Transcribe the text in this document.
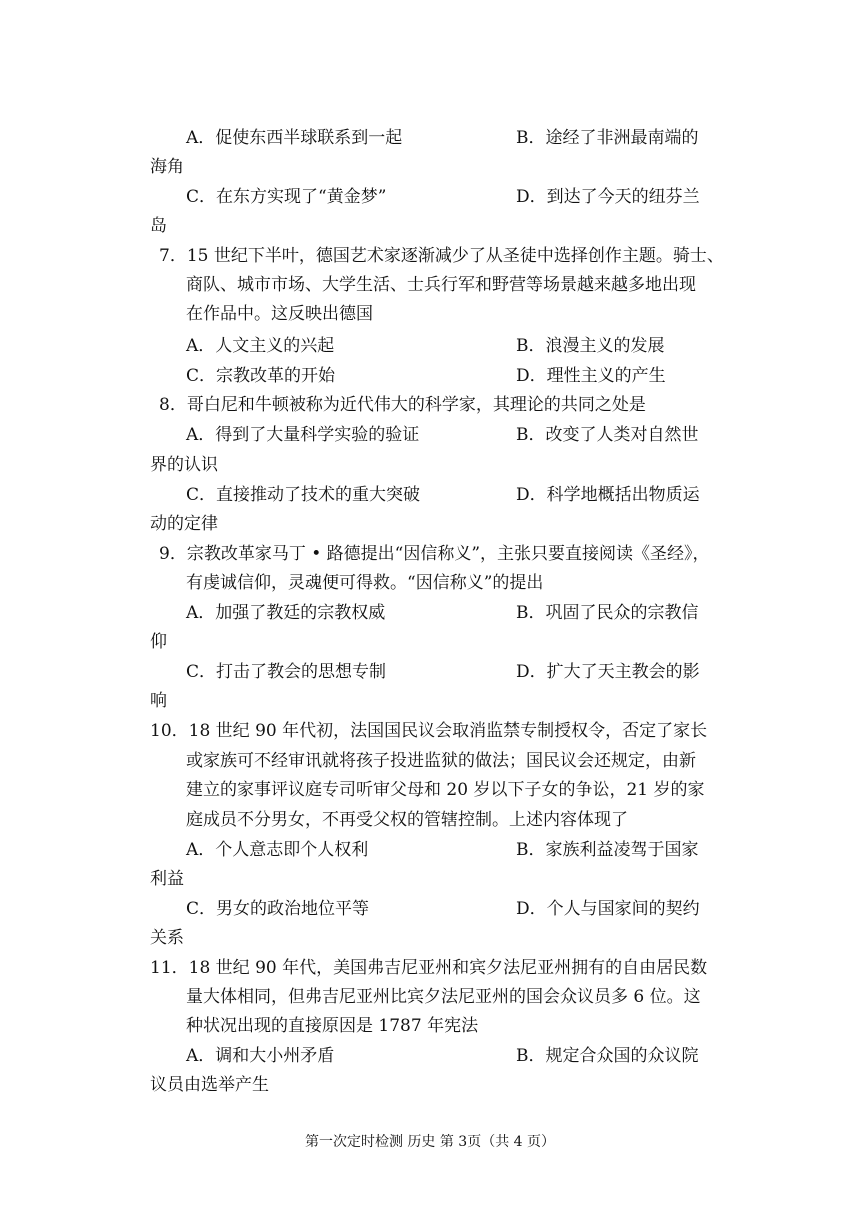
A．促使东西半球联系到一起	B．途经了非洲最南端的
海角
C．在东方实现了“黄金梦”	D．到达了今天的纽芬兰
岛
7．15 世纪下半叶，德国艺术家逐渐减少了从圣徒中选择创作主题。骑士、
商队、城市市场、大学生活、士兵行军和野营等场景越来越多地出现
在作品中。这反映出德国
A．人文主义的兴起	B．浪漫主义的发展
C．宗教改革的开始	D．理性主义的产生
8．哥白尼和牛顿被称为近代伟大的科学家，其理论的共同之处是
A．得到了大量科学实验的验证	B．改变了人类对自然世
界的认识
C．直接推动了技术的重大突破	D．科学地概括出物质运
动的定律
9．宗教改革家马丁 • 路德提出“因信称义”，主张只要直接阅读《圣经》，
有虔诚信仰，灵魂便可得救。“因信称义”的提出
A．加强了教廷的宗教权威	B．巩固了民众的宗教信
仰
C．打击了教会的思想专制	D．扩大了天主教会的影
响
10．18 世纪 90 年代初，法国国民议会取消监禁专制授权令，否定了家长
或家族可不经审讯就将孩子投进监狱的做法；国民议会还规定，由新
建立的家事评议庭专司听审父母和 20 岁以下子女的争讼，21 岁的家
庭成员不分男女，不再受父权的管辖控制。上述内容体现了
A．个人意志即个人权利	B．家族利益凌驾于国家
利益
C．男女的政治地位平等	D．个人与国家间的契约
关系
11．18 世纪 90 年代，美国弗吉尼亚州和宾夕法尼亚州拥有的自由居民数
量大体相同，但弗吉尼亚州比宾夕法尼亚州的国会众议员多 6 位。这
种状况出现的直接原因是 1787 年宪法
A．调和大小州矛盾	B．规定合众国的众议院
议员由选举产生
第一次定时检测 历史 第 3页（共 4 页）
